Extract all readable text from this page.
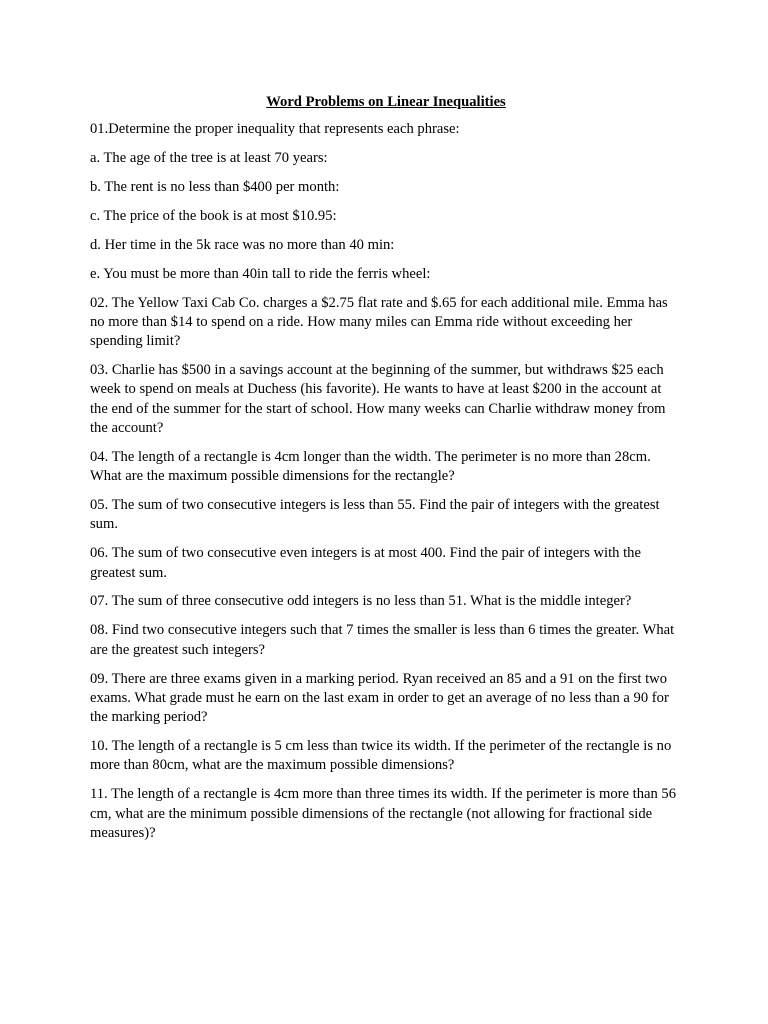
Word Problems on Linear Inequalities

01.Determine the proper inequality that represents each phrase:

a. The age of the tree is at least 70 years:

b. The rent is no less than $400 per month:

c. The price of the book is at most $10.95:

d. Her time in the 5k race was no more than 40 min:

e. You must be more than 40in tall to ride the ferris wheel:

02. The Yellow Taxi Cab Co. charges a $2.75 flat rate and $.65 for each additional mile. Emma has no more than $14 to spend on a ride. How many miles can Emma ride without exceeding her spending limit?

03. Charlie has $500 in a savings account at the beginning of the summer, but withdraws $25 each week to spend on meals at Duchess (his favorite). He wants to have at least $200 in the account at the end of the summer for the start of school. How many weeks can Charlie withdraw money from the account?

04. The length of a rectangle is 4cm longer than the width. The perimeter is no more than 28cm. What are the maximum possible dimensions for the rectangle?

05. The sum of two consecutive integers is less than 55. Find the pair of integers with the greatest sum.

06. The sum of two consecutive even integers is at most 400. Find the pair of integers with the greatest sum.

07. The sum of three consecutive odd integers is no less than 51. What is the middle integer?

08. Find two consecutive integers such that 7 times the smaller is less than 6 times the greater. What are the greatest such integers?

09. There are three exams given in a marking period. Ryan received an 85 and a 91 on the first two exams. What grade must he earn on the last exam in order to get an average of no less than a 90 for the marking period?

10. The length of a rectangle is 5 cm less than twice its width. If the perimeter of the rectangle is no more than 80cm, what are the maximum possible dimensions?

11. The length of a rectangle is 4cm more than three times its width. If the perimeter is more than 56 cm, what are the minimum possible dimensions of the rectangle (not allowing for fractional side measures)?
